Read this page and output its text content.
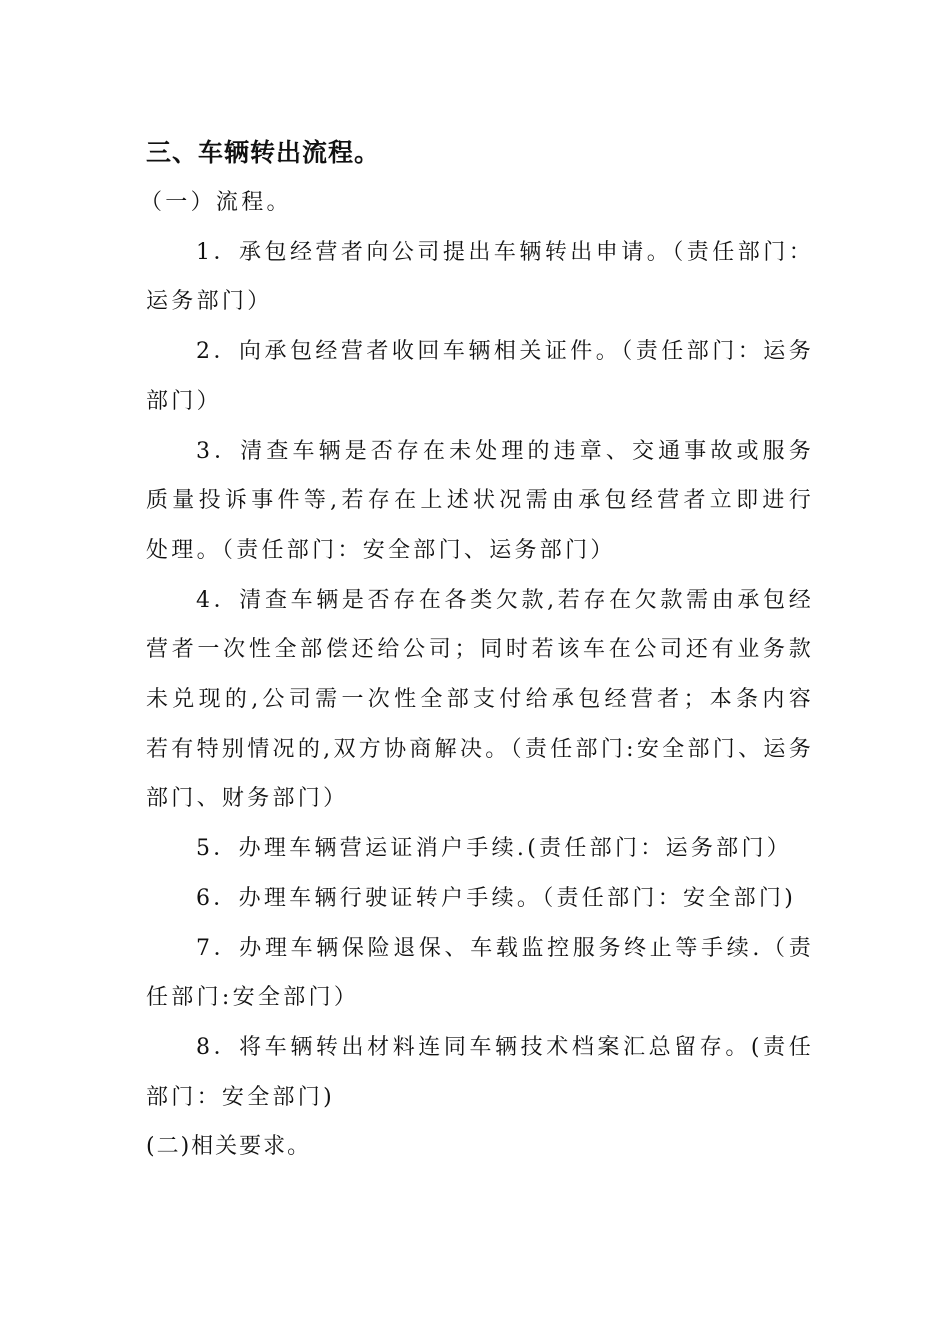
三、车辆转出流程。

（一）流程。

1．承包经营者向公司提出车辆转出申请。（责任部门：运务部门）

2．向承包经营者收回车辆相关证件。（责任部门：运务部门）

3．清查车辆是否存在未处理的违章、交通事故或服务质量投诉事件等,若存在上述状况需由承包经营者立即进行处理。（责任部门：安全部门、运务部门）

4．清查车辆是否存在各类欠款,若存在欠款需由承包经营者一次性全部偿还给公司；同时若该车在公司还有业务款未兑现的,公司需一次性全部支付给承包经营者；本条内容若有特别情况的,双方协商解决。（责任部门:安全部门、运务部门、财务部门）

5．办理车辆营运证消户手续.(责任部门：运务部门）

6．办理车辆行驶证转户手续。（责任部门：安全部门)

7．办理车辆保险退保、车载监控服务终止等手续.（责任部门:安全部门）

8．将车辆转出材料连同车辆技术档案汇总留存。(责任部门：安全部门)

(二)相关要求。
